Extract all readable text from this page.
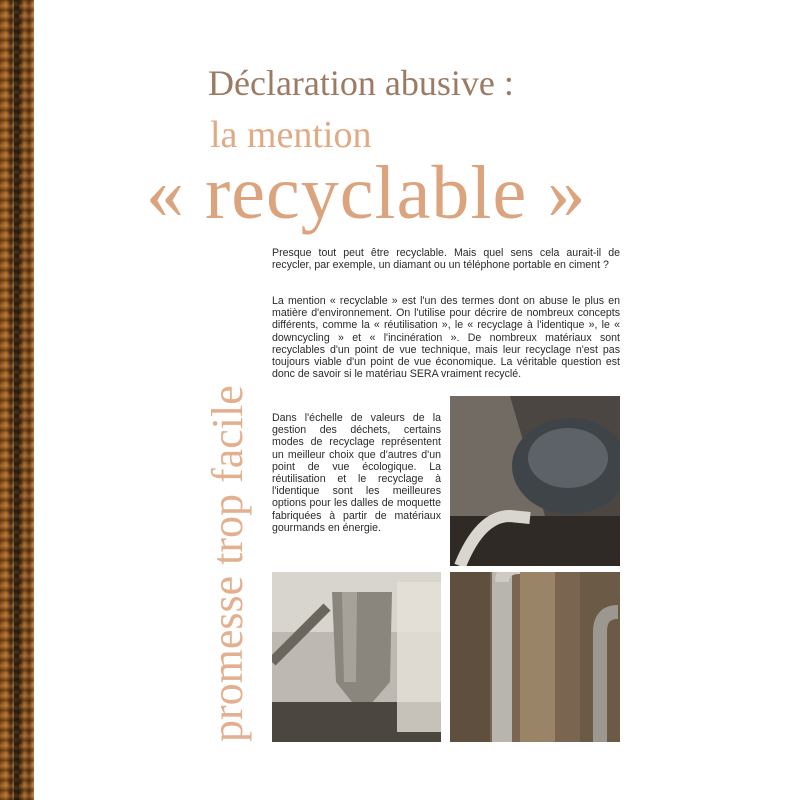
Déclaration abusive :
la mention
« recyclable »
promesse trop facile

Presque tout peut être recyclable. Mais quel sens cela aurait-il de recycler, par exemple, un diamant ou un téléphone portable en ciment ?

La mention « recyclable » est l'un des termes dont on abuse le plus en matière d'environnement. On l'utilise pour décrire de nombreux concepts différents, comme la « réutilisation », le « recyclage à l'identique », le « downcycling » et « l'incinération ». De nombreux matériaux sont recyclables d'un point de vue technique, mais leur recyclage n'est pas toujours viable d'un point de vue économique. La véritable question est donc de savoir si le matériau SERA vraiment recyclé.

Dans l'échelle de valeurs de la gestion des déchets, certains modes de recyclage représentent un meilleur choix que d'autres d'un point de vue écologique. La réutilisation et le recyclage à l'identique sont les meilleures options pour les dalles de moquette fabriquées à partir de matériaux gourmands en énergie.
